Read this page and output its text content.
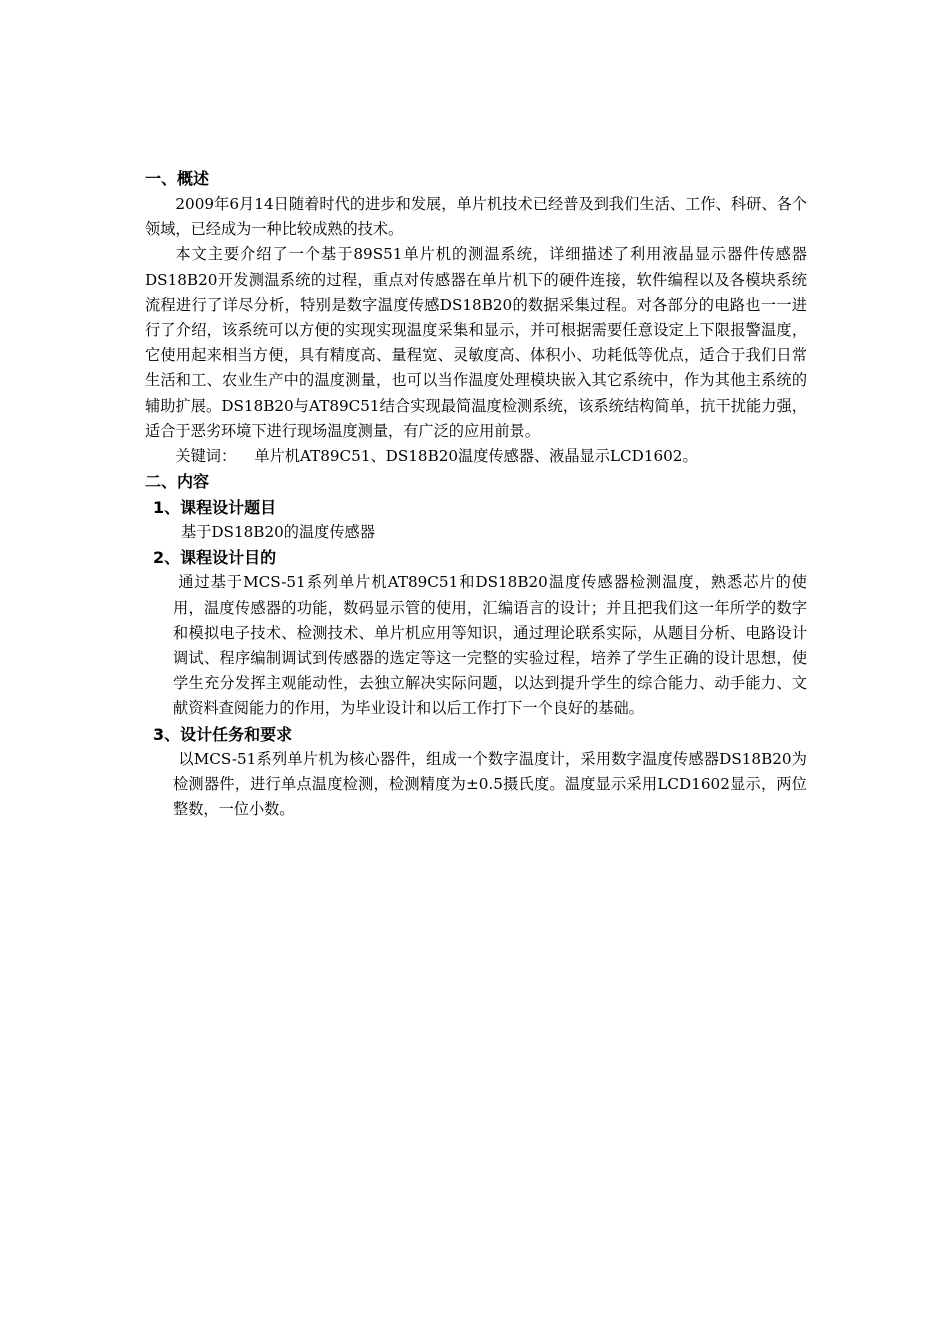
一、概述

2009年6月14日随着时代的进步和发展，单片机技术已经普及到我们生活、工作、科研、各个领域，已经成为一种比较成熟的技术。

本文主要介绍了一个基于89S51单片机的测温系统，详细描述了利用液晶显示器件传感器DS18B20开发测温系统的过程，重点对传感器在单片机下的硬件连接，软件编程以及各模块系统流程进行了详尽分析，特别是数字温度传感DS18B20的数据采集过程。对各部分的电路也一一进行了介绍，该系统可以方便的实现实现温度采集和显示，并可根据需要任意设定上下限报警温度，它使用起来相当方便，具有精度高、量程宽、灵敏度高、体积小、功耗低等优点，适合于我们日常生活和工、农业生产中的温度测量，也可以当作温度处理模块嵌入其它系统中，作为其他主系统的辅助扩展。DS18B20与AT89C51结合实现最简温度检测系统，该系统结构简单，抗干扰能力强，适合于恶劣环境下进行现场温度测量，有广泛的应用前景。

关键词： 单片机AT89C51、DS18B20温度传感器、液晶显示LCD1602。

二、内容
1、课程设计题目

基于DS18B20的温度传感器

2、课程设计目的

通过基于MCS-51系列单片机AT89C51和DS18B20温度传感器检测温度，熟悉芯片的使用，温度传感器的功能，数码显示管的使用，汇编语言的设计；并且把我们这一年所学的数字和模拟电子技术、检测技术、单片机应用等知识，通过理论联系实际，从题目分析、电路设计调试、程序编制调试到传感器的选定等这一完整的实验过程，培养了学生正确的设计思想，使学生充分发挥主观能动性，去独立解决实际问题，以达到提升学生的综合能力、动手能力、文献资料查阅能力的作用，为毕业设计和以后工作打下一个良好的基础。

3、设计任务和要求

以MCS-51系列单片机为核心器件，组成一个数字温度计，采用数字温度传感器DS18B20为检测器件，进行单点温度检测，检测精度为±0.5摄氏度。温度显示采用LCD1602显示，两位整数，一位小数。
